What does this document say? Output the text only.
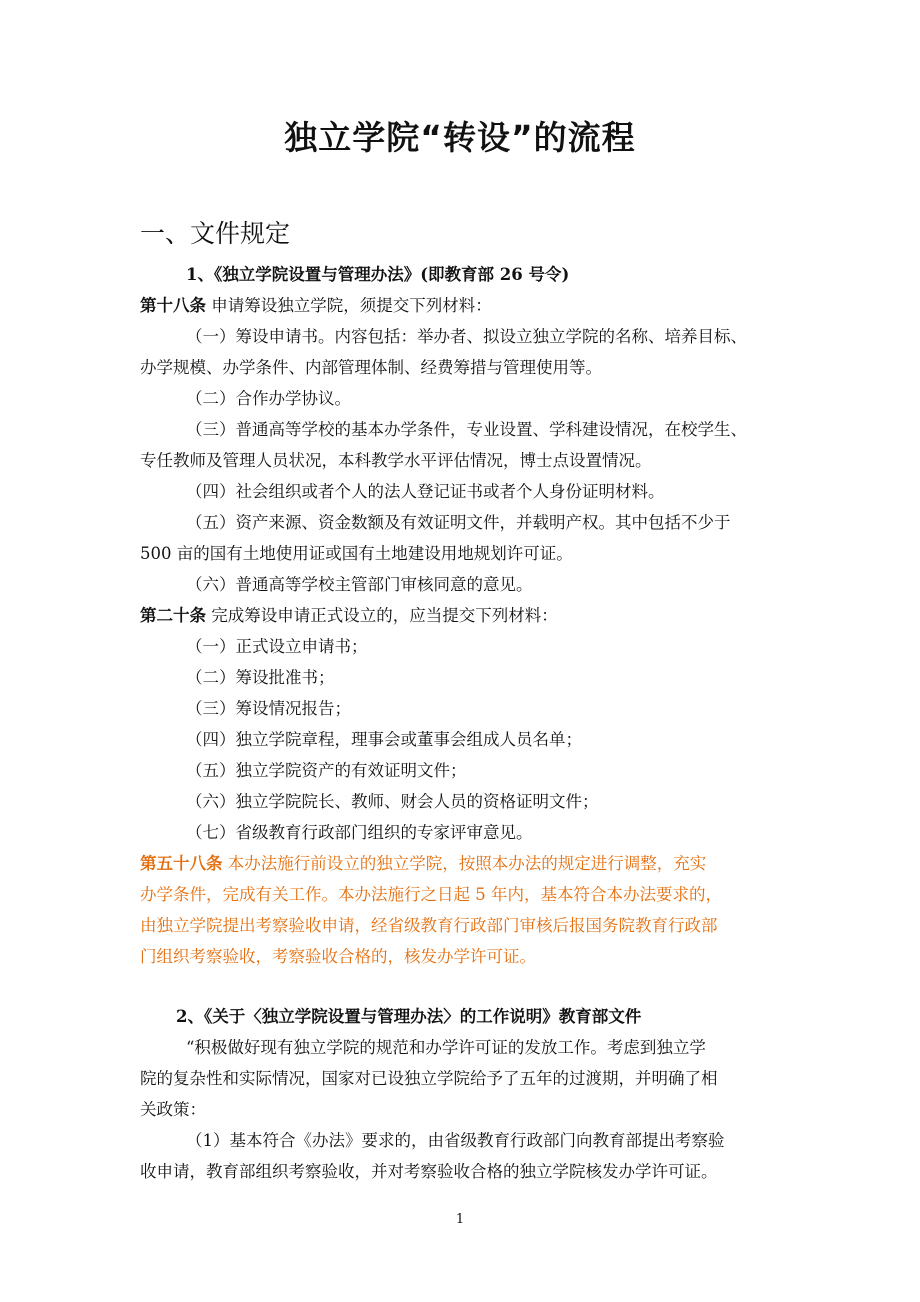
独立学院“转设”的流程
一、文件规定
1、《独立学院设置与管理办法》(即教育部 26 号令)
第十八条 申请筹设独立学院，须提交下列材料：
（一）筹设申请书。内容包括：举办者、拟设立独立学院的名称、培养目标、
办学规模、办学条件、内部管理体制、经费筹措与管理使用等。
（二）合作办学协议。
（三）普通高等学校的基本办学条件，专业设置、学科建设情况，在校学生、
专任教师及管理人员状况，本科教学水平评估情况，博士点设置情况。
（四）社会组织或者个人的法人登记证书或者个人身份证明材料。
（五）资产来源、资金数额及有效证明文件，并载明产权。其中包括不少于
500 亩的国有土地使用证或国有土地建设用地规划许可证。
（六）普通高等学校主管部门审核同意的意见。
第二十条 完成筹设申请正式设立的，应当提交下列材料：
（一）正式设立申请书；
（二）筹设批准书；
（三）筹设情况报告；
（四）独立学院章程，理事会或董事会组成人员名单；
（五）独立学院资产的有效证明文件；
（六）独立学院院长、教师、财会人员的资格证明文件；
（七）省级教育行政部门组织的专家评审意见。
第五十八条 本办法施行前设立的独立学院，按照本办法的规定进行调整，充实
办学条件，完成有关工作。本办法施行之日起 5 年内，基本符合本办法要求的，
由独立学院提出考察验收申请，经省级教育行政部门审核后报国务院教育行政部
门组织考察验收，考察验收合格的，核发办学许可证。
2、《关于〈独立学院设置与管理办法〉的工作说明》教育部文件
“积极做好现有独立学院的规范和办学许可证的发放工作。考虑到独立学
院的复杂性和实际情况，国家对已设独立学院给予了五年的过渡期，并明确了相
关政策：
（1）基本符合《办法》要求的，由省级教育行政部门向教育部提出考察验
收申请，教育部组织考察验收，并对考察验收合格的独立学院核发办学许可证。
1
